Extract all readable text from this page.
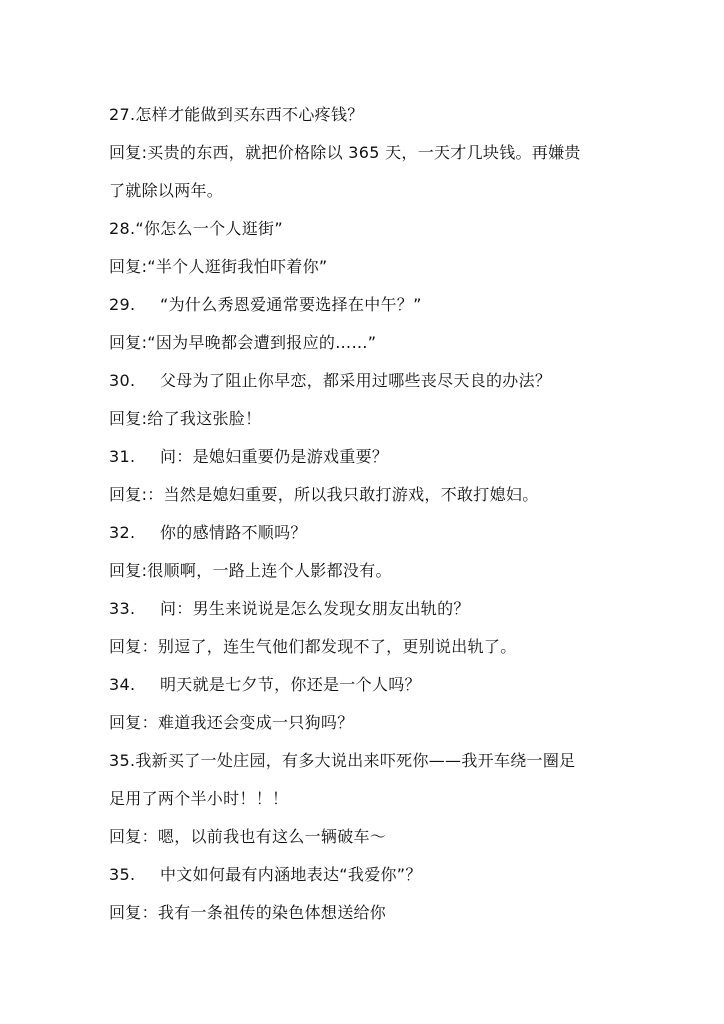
27.怎样才能做到买东西不心疼钱？
回复:买贵的东西，就把价格除以 365 天，一天才几块钱。再嫌贵
了就除以两年。
28.“你怎么一个人逛街”
回复:“半个人逛街我怕吓着你”
29. “为什么秀恩爱通常要选择在中午？”
回复:“因为早晚都会遭到报应的……”
30. 父母为了阻止你早恋，都采用过哪些丧尽天良的办法？
回复:给了我这张脸！
31. 问：是媳妇重要仍是游戏重要？
回复:：当然是媳妇重要，所以我只敢打游戏，不敢打媳妇。
32. 你的感情路不顺吗？
回复:很顺啊，一路上连个人影都没有。
33. 问：男生来说说是怎么发现女朋友出轨的？
回复：别逗了，连生气他们都发现不了，更别说出轨了。
34. 明天就是七夕节，你还是一个人吗？
回复：难道我还会变成一只狗吗？
35.我新买了一处庄园，有多大说出来吓死你——我开车绕一圈足
足用了两个半小时！！！
回复：嗯，以前我也有这么一辆破车～
35. 中文如何最有内涵地表达“我爱你”？
回复：我有一条祖传的染色体想送给你
